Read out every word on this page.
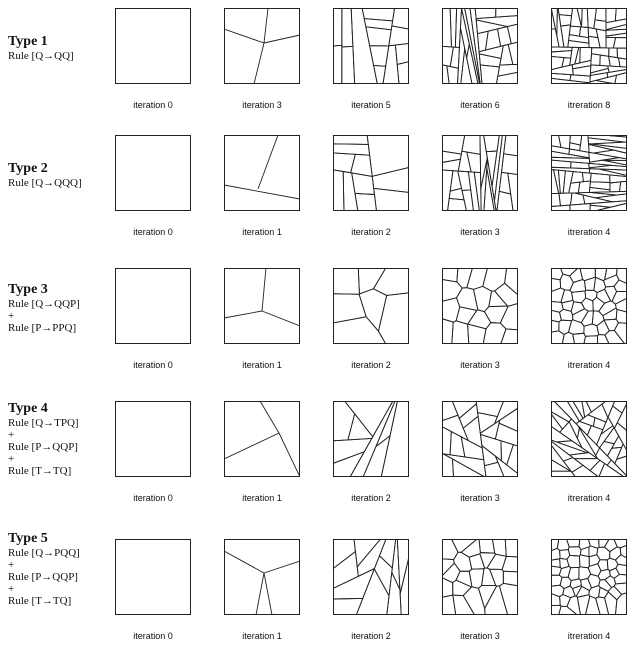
Type 1
Rule [Q→QQ]
iteration 0	iteration 3	iteration 5	iteration 6	itreration 8
Type 2
Rule [Q→QQQ]
iteration 0	iteration 1	iteration 2	iteration 3	itreration 4
Type 3
Rule [Q→QQP]
+
Rule [P→PPQ]
iteration 0	iteration 1	iteration 2	iteration 3	itreration 4
Type 4
Rule [Q→TPQ]
+
Rule [P→QQP]
+
Rule [T→TQ]
iteration 0	iteration 1	iteration 2	iteration 3	itreration 4
Type 5
Rule [Q→PQQ]
+
Rule [P→QQP]
+
Rule [T→TQ]
iteration 0	iteration 1	iteration 2	iteration 3	itreration 4
